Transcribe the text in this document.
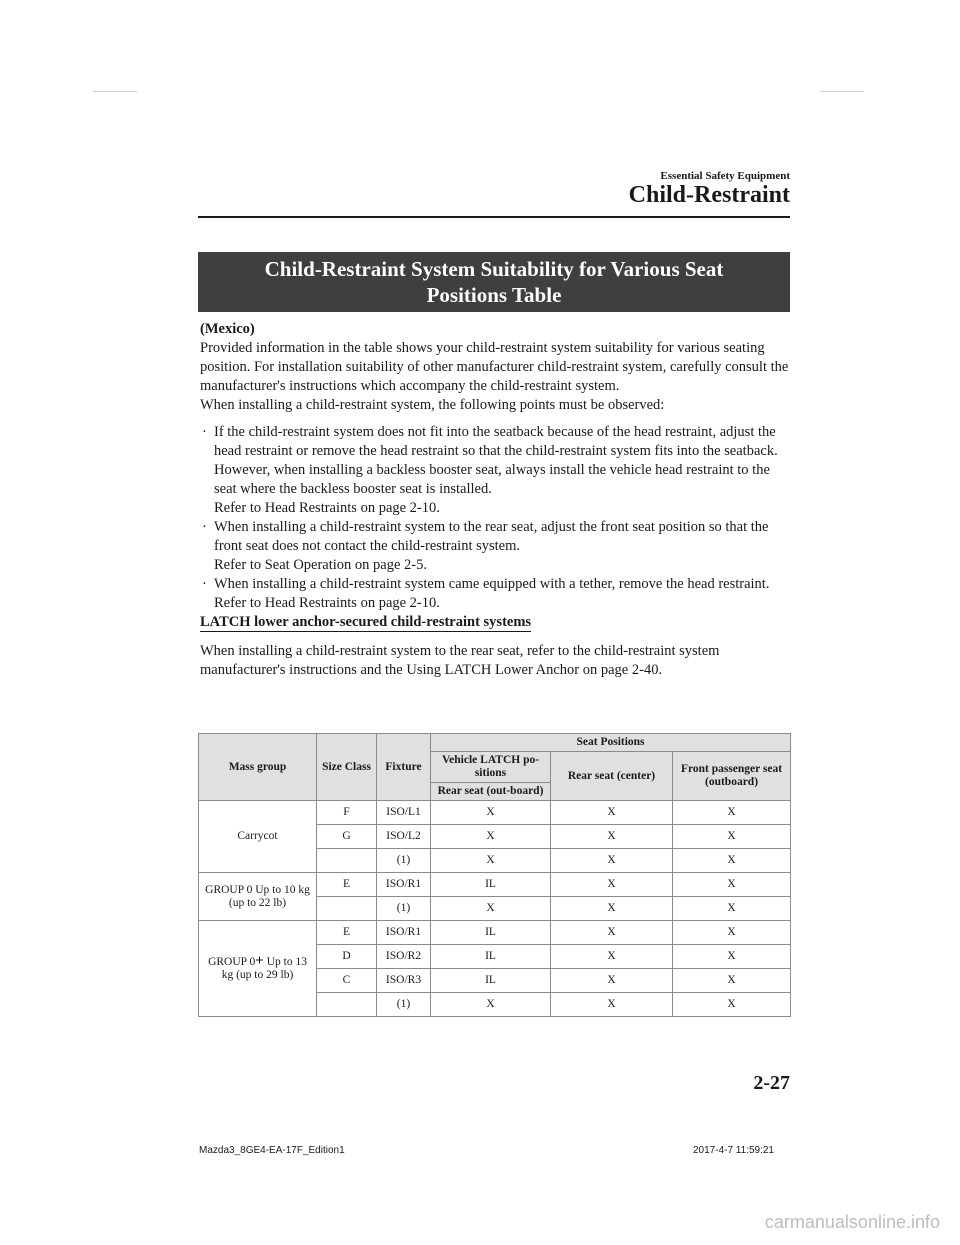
Essential Safety Equipment
Child-Restraint
Child-Restraint System Suitability for Various Seat Positions Table

(Mexico)

Provided information in the table shows your child-restraint system suitability for various seating position. For installation suitability of other manufacturer child-restraint system, carefully consult the manufacturer's instructions which accompany the child-restraint system.

When installing a child-restraint system, the following points must be observed:

· If the child-restraint system does not fit into the seatback because of the head restraint, adjust the head restraint or remove the head restraint so that the child-restraint system fits into the seatback. However, when installing a backless booster seat, always install the vehicle head restraint to the seat where the backless booster seat is installed.
Refer to Head Restraints on page 2-10.
· When installing a child-restraint system to the rear seat, adjust the front seat position so that the front seat does not contact the child-restraint system.
Refer to Seat Operation on page 2-5.
· When installing a child-restraint system came equipped with a tether, remove the head restraint.
Refer to Head Restraints on page 2-10.

LATCH lower anchor-secured child-restraint systems

When installing a child-restraint system to the rear seat, refer to the child-restraint system manufacturer's instructions and the Using LATCH Lower Anchor on page 2-40.

Mass group	Size Class	Fixture	Seat Positions		
			Vehicle LATCH po-sitions	Rear seat (center)	Front passenger seat (outboard)
			Rear seat (out-board)		
Carrycot	F	ISO/L1	X	X	X
	G	ISO/L2	X	X	X
		(1)	X	X	X
GROUP 0 Up to 10 kg (up to 22 lb)	E	ISO/R1	IL	X	X
		(1)	X	X	X
GROUP 0+ Up to 13 kg (up to 29 lb)	E	ISO/R1	IL	X	X
	D	ISO/R2	IL	X	X
	C	ISO/R3	IL	X	X
		(1)	X	X	X
2-27
Mazda3_8GE4-EA-17F_Edition1	2017-4-7 11:59:21
carmanualsonline.info
